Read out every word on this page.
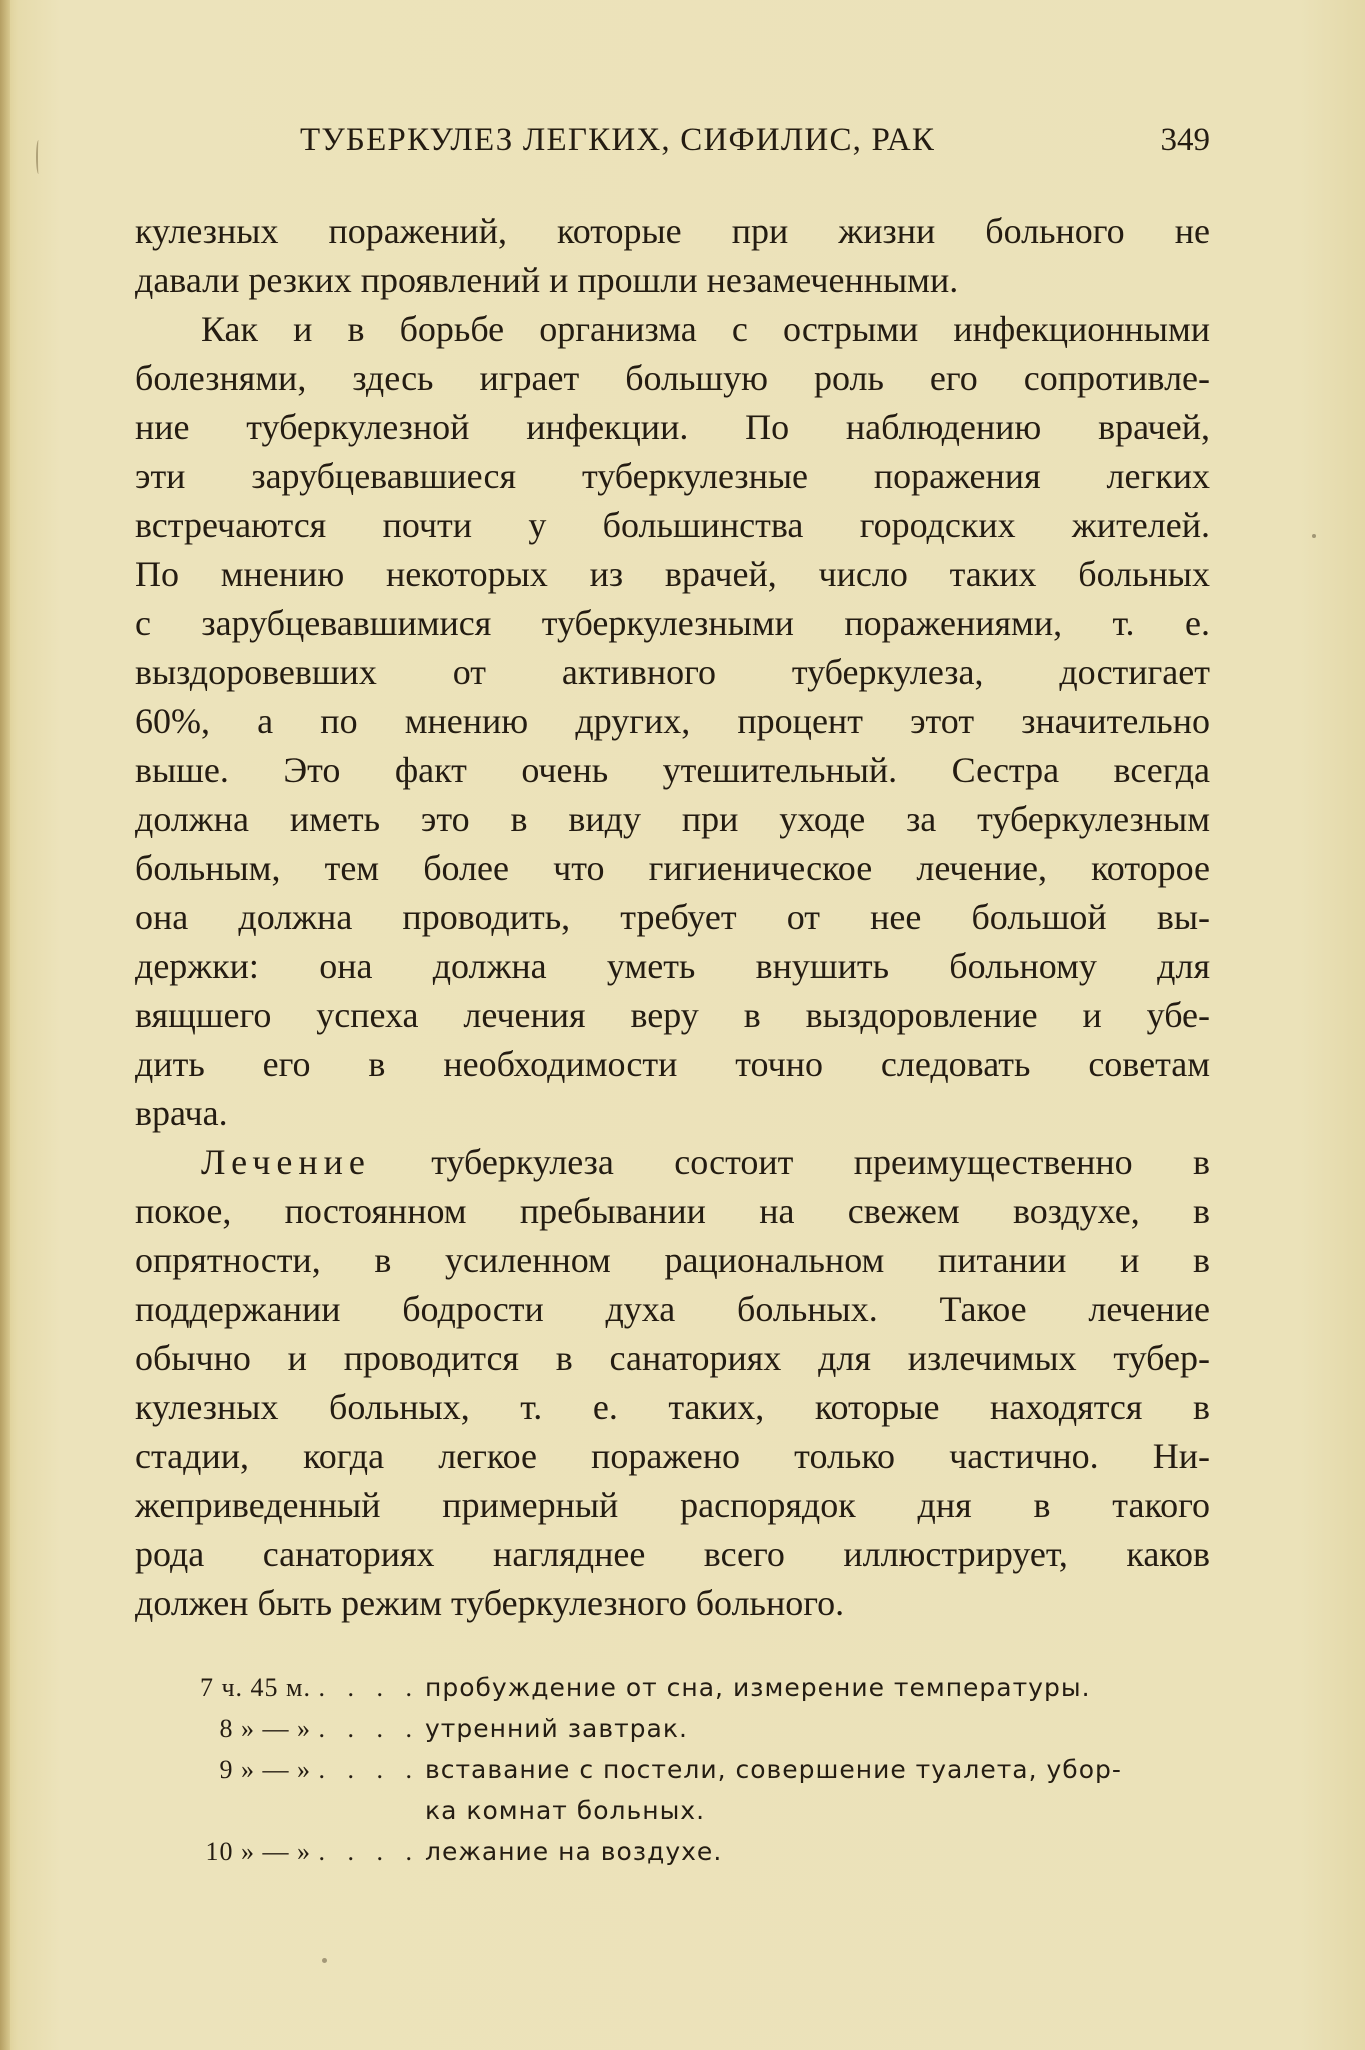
ТУБЕРКУЛЕЗ ЛЕГКИХ, СИФИЛИС, РАК	349
кулезных поражений, которые при жизни больного не
давали резких проявлений и прошли незамеченными.
Как и в борьбе организма с острыми инфекционными
болезнями, здесь играет большую роль его сопротивле-
ние туберкулезной инфекции. По наблюдению врачей,
эти зарубцевавшиеся туберкулезные поражения легких
встречаются почти у большинства городских жителей.
По мнению некоторых из врачей, число таких больных
с зарубцевавшимися туберкулезными поражениями, т. е.
выздоровевших от активного туберкулеза, достигает
60%, а по мнению других, процент этот значительно
выше. Это факт очень утешительный. Сестра всегда
должна иметь это в виду при уходе за туберкулезным
больным, тем более что гигиеническое лечение, которое
она должна проводить, требует от нее большой вы-
держки: она должна уметь внушить больному для
вящшего успеха лечения веру в выздоровление и убе-
дить его в необходимости точно следовать советам
врача.
Лечение туберкулеза состоит преимущественно в
покое, постоянном пребывании на свежем воздухе, в
опрятности, в усиленном рациональном питании и в
поддержании бодрости духа больных. Такое лечение
обычно и проводится в санаториях для излечимых тубер-
кулезных больных, т. е. таких, которые находятся в
стадии, когда легкое поражено только частично. Ни-
жеприведенный примерный распорядок дня в такого
рода санаториях нагляднее всего иллюстрирует, каков
должен быть режим туберкулезного больного.
7 ч. 45 м. . . . . пробуждение от сна, измерение температуры.
8 » — » . . . . утренний завтрак.
9 » — » . . . . вставание с постели, совершение туалета, убор-
ка комнат больных.
10 » — » . . . . лежание на воздухе.
